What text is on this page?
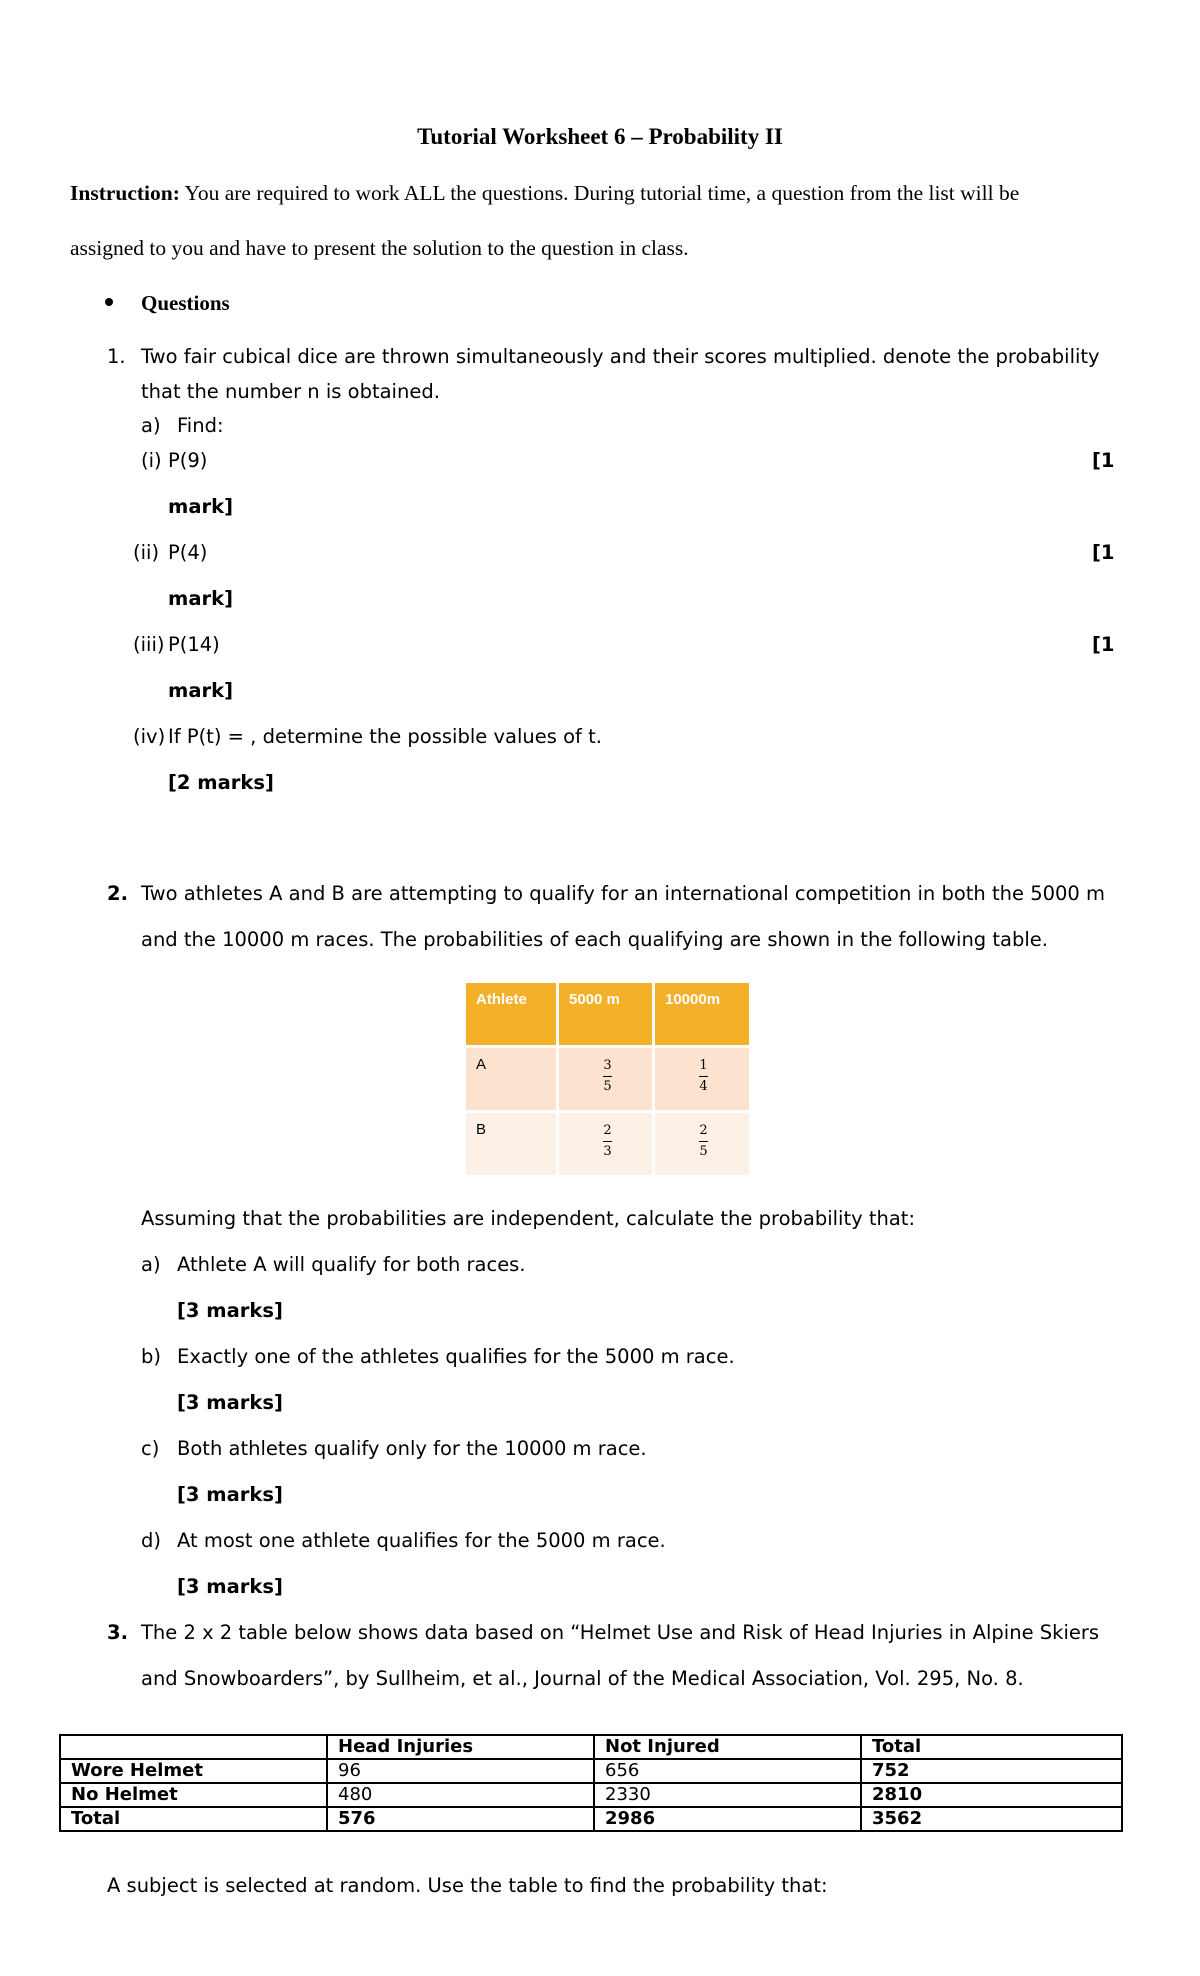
Tutorial Worksheet 6 – Probability II
Instruction: You are required to work ALL the questions. During tutorial time, a question from the list will be
assigned to you and have to present the solution to the question in class.
Questions
1. Two fair cubical dice are thrown simultaneously and their scores multiplied. denote the probability
that the number n is obtained.
a) Find:
(i) P(9)	[1
mark]
(ii) P(4)	[1
mark]
(iii) P(14)	[1
mark]
(iv) If P(t) = , determine the possible values of t.
[2 marks]
2. Two athletes A and B are attempting to qualify for an international competition in both the 5000 m
and the 10000 m races. The probabilities of each qualifying are shown in the following table.
Athlete	5000 m	10000m
A	$\frac{3}{5}$	$\frac{1}{4}$

B	$\frac{2}{3}$	$\frac{2}{5}$
Assuming that the probabilities are independent, calculate the probability that:
a) Athlete A will qualify for both races.
[3 marks]
b) Exactly one of the athletes qualifies for the 5000 m race.
[3 marks]
c) Both athletes qualify only for the 10000 m race.
[3 marks]
d) At most one athlete qualifies for the 5000 m race.
[3 marks]
3. The 2 x 2 table below shows data based on “Helmet Use and Risk of Head Injuries in Alpine Skiers
and Snowboarders”, by Sullheim, et al., Journal of the Medical Association, Vol. 295, No. 8.
	Head Injuries	Not Injured	Total
Wore Helmet	96	656	752
No Helmet	480	2330	2810
Total	576	2986	3562
A subject is selected at random. Use the table to find the probability that:
